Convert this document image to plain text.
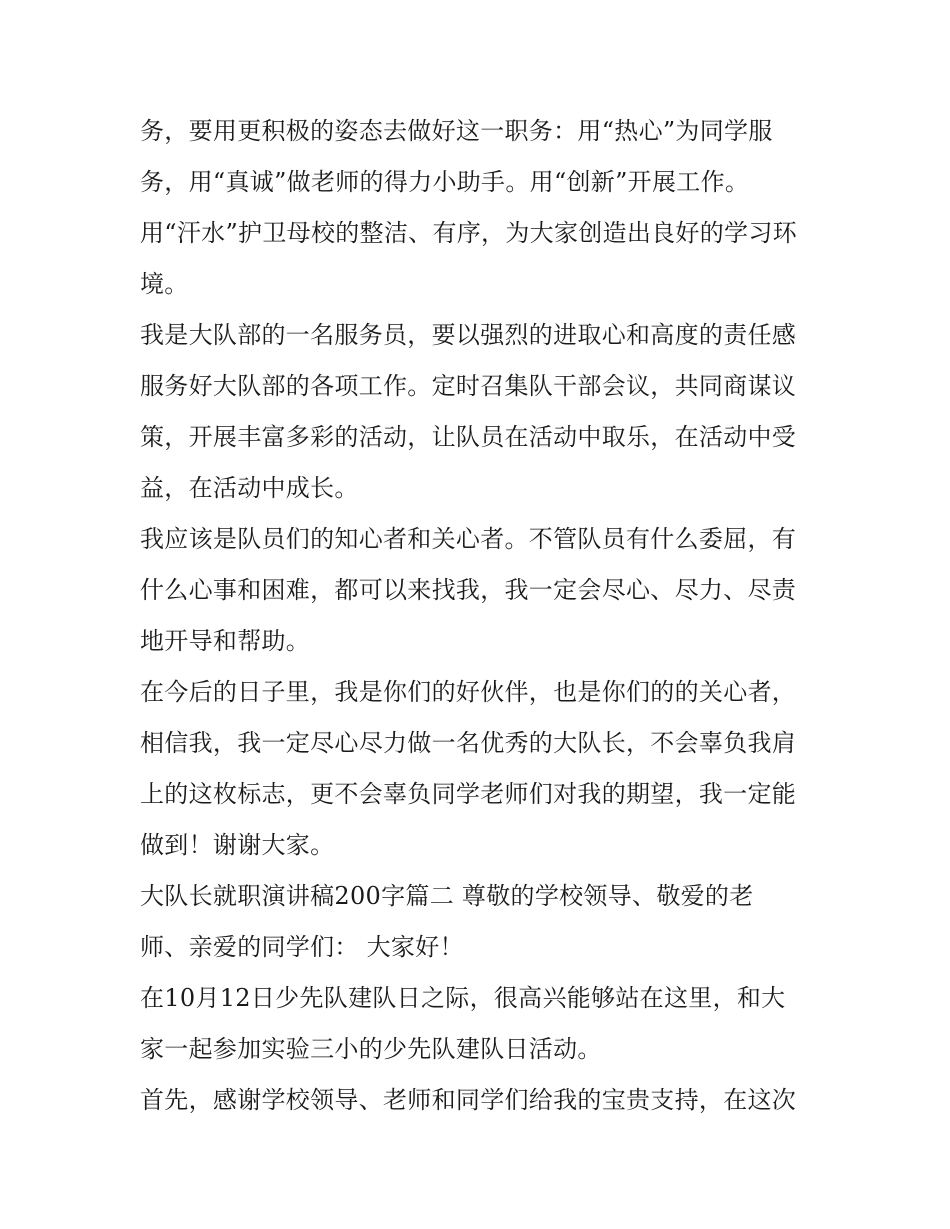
务，要用更积极的姿态去做好这一职务：用“热心”为同学服
务，用“真诚”做老师的得力小助手。用“创新”开展工作。
用“汗水”护卫母校的整洁、有序，为大家创造出良好的学习环
境。
我是大队部的一名服务员，要以强烈的进取心和高度的责任感
服务好大队部的各项工作。定时召集队干部会议，共同商谋议
策，开展丰富多彩的活动，让队员在活动中取乐，在活动中受
益，在活动中成长。
我应该是队员们的知心者和关心者。不管队员有什么委屈，有
什么心事和困难，都可以来找我，我一定会尽心、尽力、尽责
地开导和帮助。
在今后的日子里，我是你们的好伙伴，也是你们的的关心者，
相信我，我一定尽心尽力做一名优秀的大队长，不会辜负我肩
上的这枚标志，更不会辜负同学老师们对我的期望，我一定能
做到！谢谢大家。
大队长就职演讲稿200字篇二 尊敬的学校领导、敬爱的老
师、亲爱的同学们： 大家好！
在10月12日少先队建队日之际，很高兴能够站在这里，和大
家一起参加实验三小的少先队建队日活动。
首先，感谢学校领导、老师和同学们给我的宝贵支持，在这次
